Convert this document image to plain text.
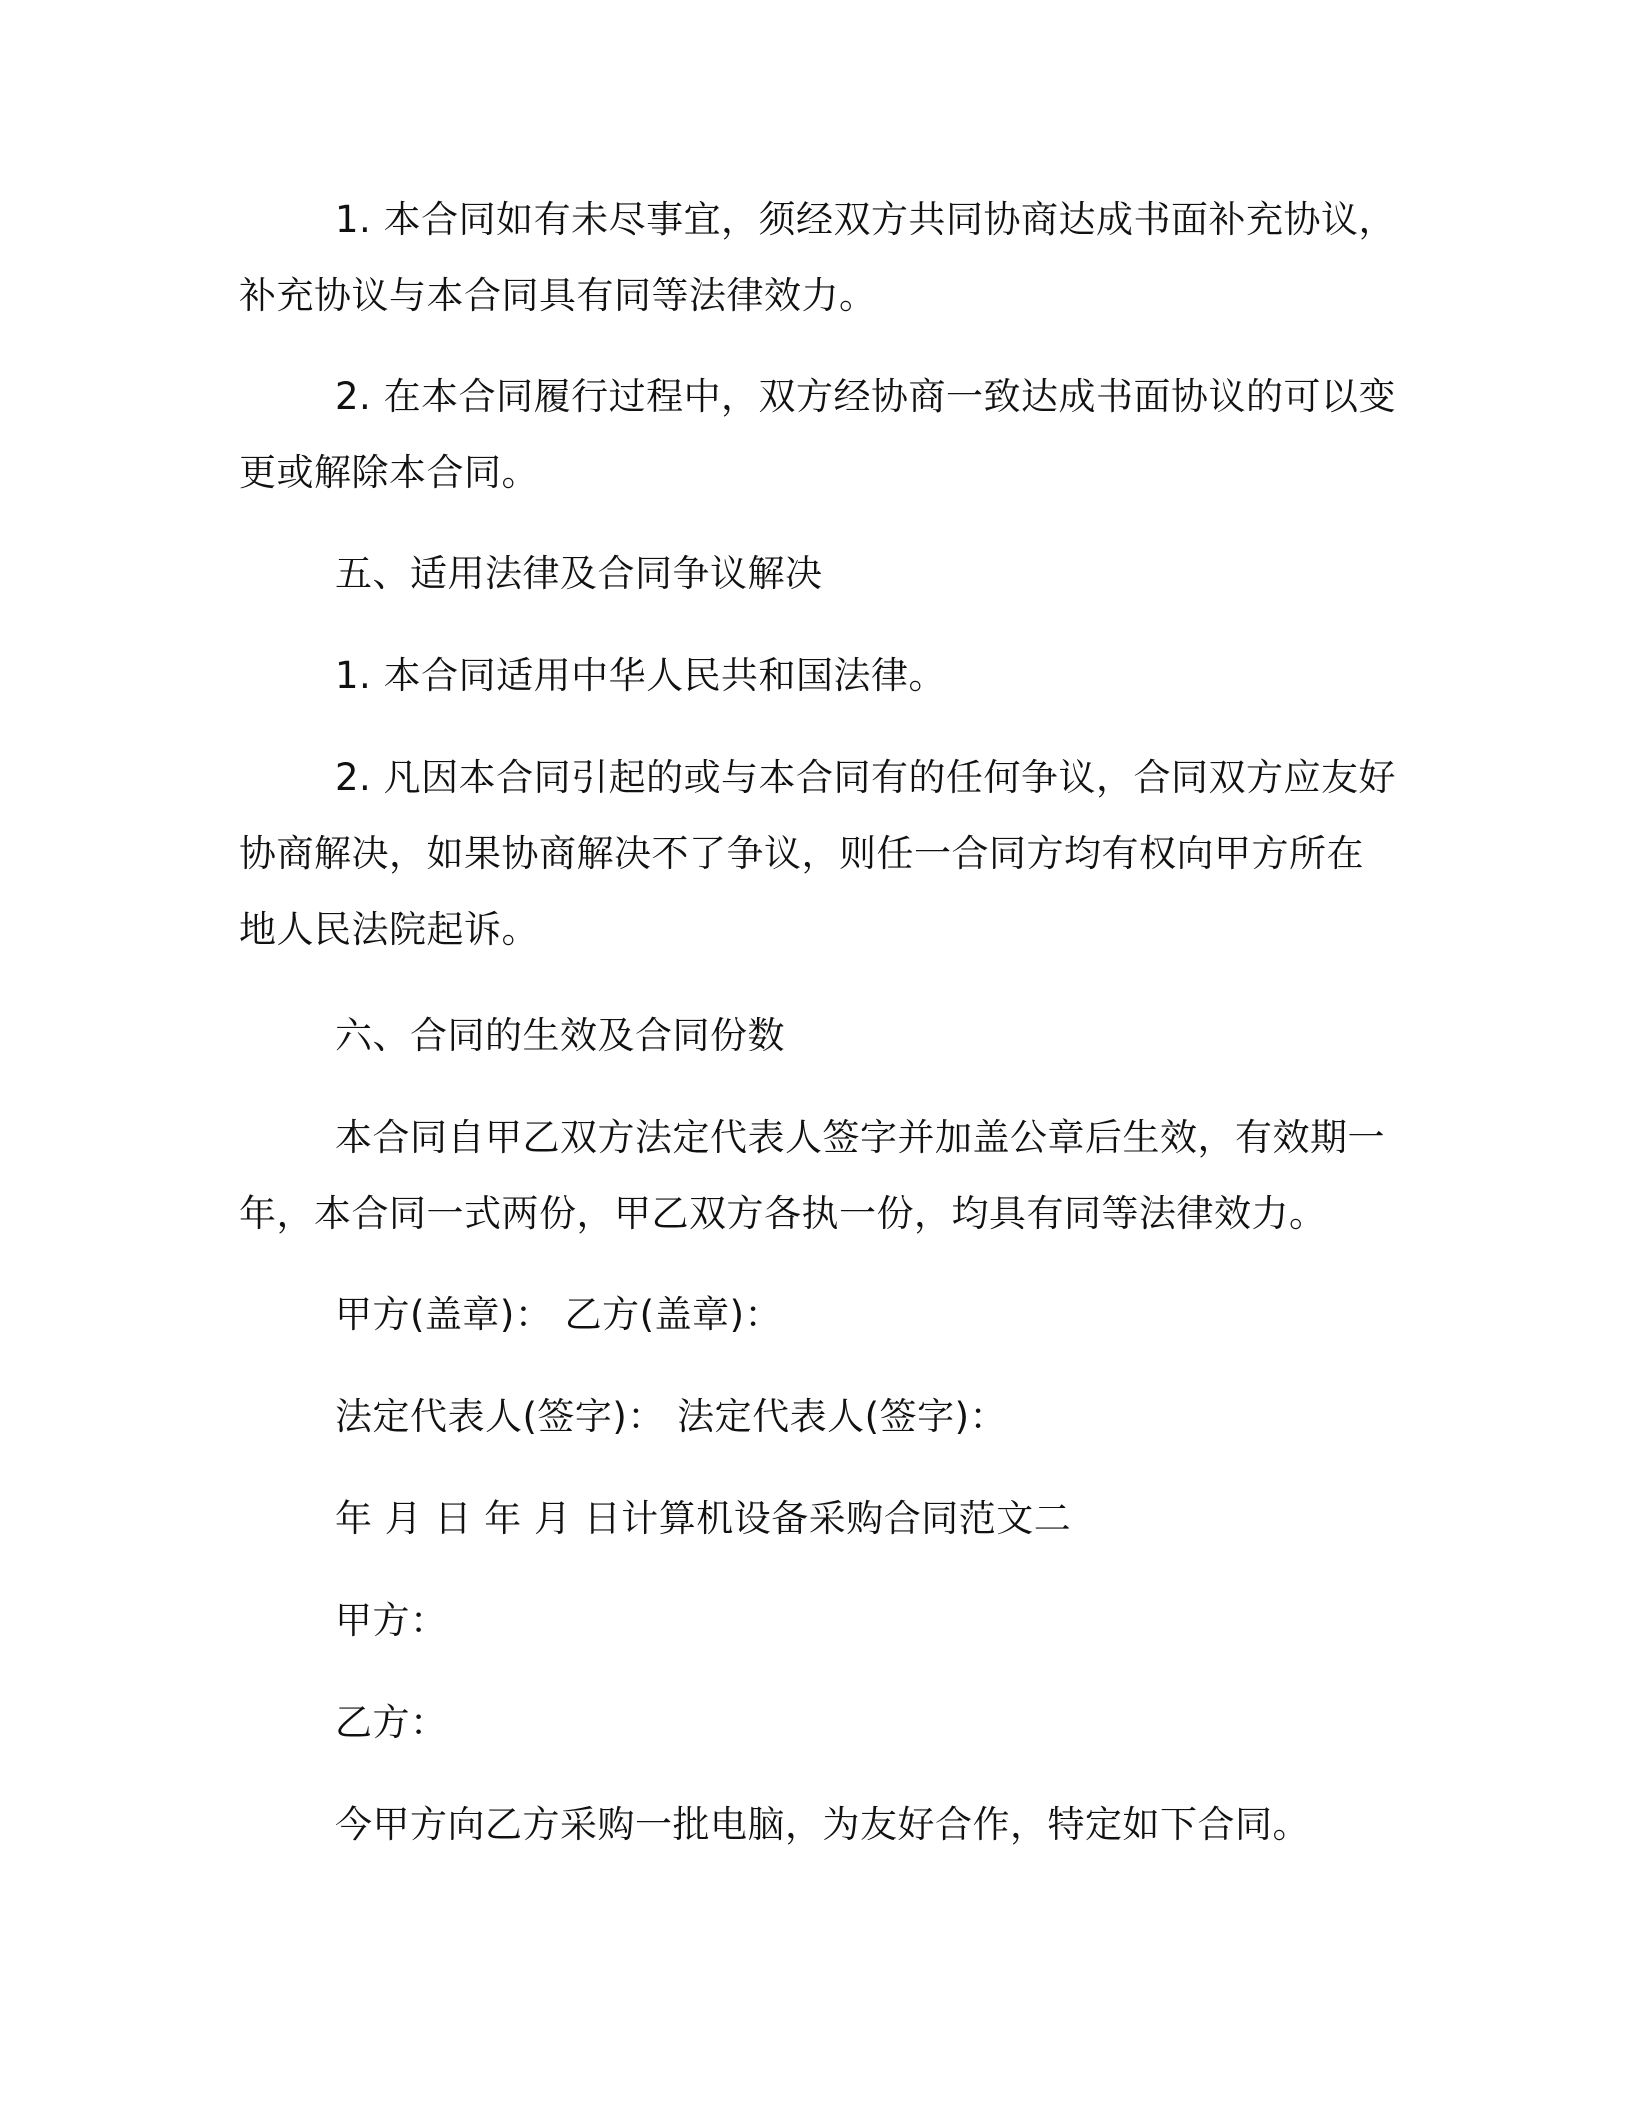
1. 本合同如有未尽事宜，须经双方共同协商达成书面补充协议，
补充协议与本合同具有同等法律效力。
2. 在本合同履行过程中，双方经协商一致达成书面协议的可以变
更或解除本合同。
五、适用法律及合同争议解决
1. 本合同适用中华人民共和国法律。
2. 凡因本合同引起的或与本合同有的任何争议，合同双方应友好
协商解决，如果协商解决不了争议，则任一合同方均有权向甲方所在
地人民法院起诉。
六、合同的生效及合同份数
本合同自甲乙双方法定代表人签字并加盖公章后生效，有效期一
年，本合同一式两份，甲乙双方各执一份，均具有同等法律效力。
甲方(盖章)： 乙方(盖章)：
法定代表人(签字)： 法定代表人(签字)：
年 月 日 年 月 日计算机设备采购合同范文二
甲方：
乙方：
今甲方向乙方采购一批电脑，为友好合作，特定如下合同。
